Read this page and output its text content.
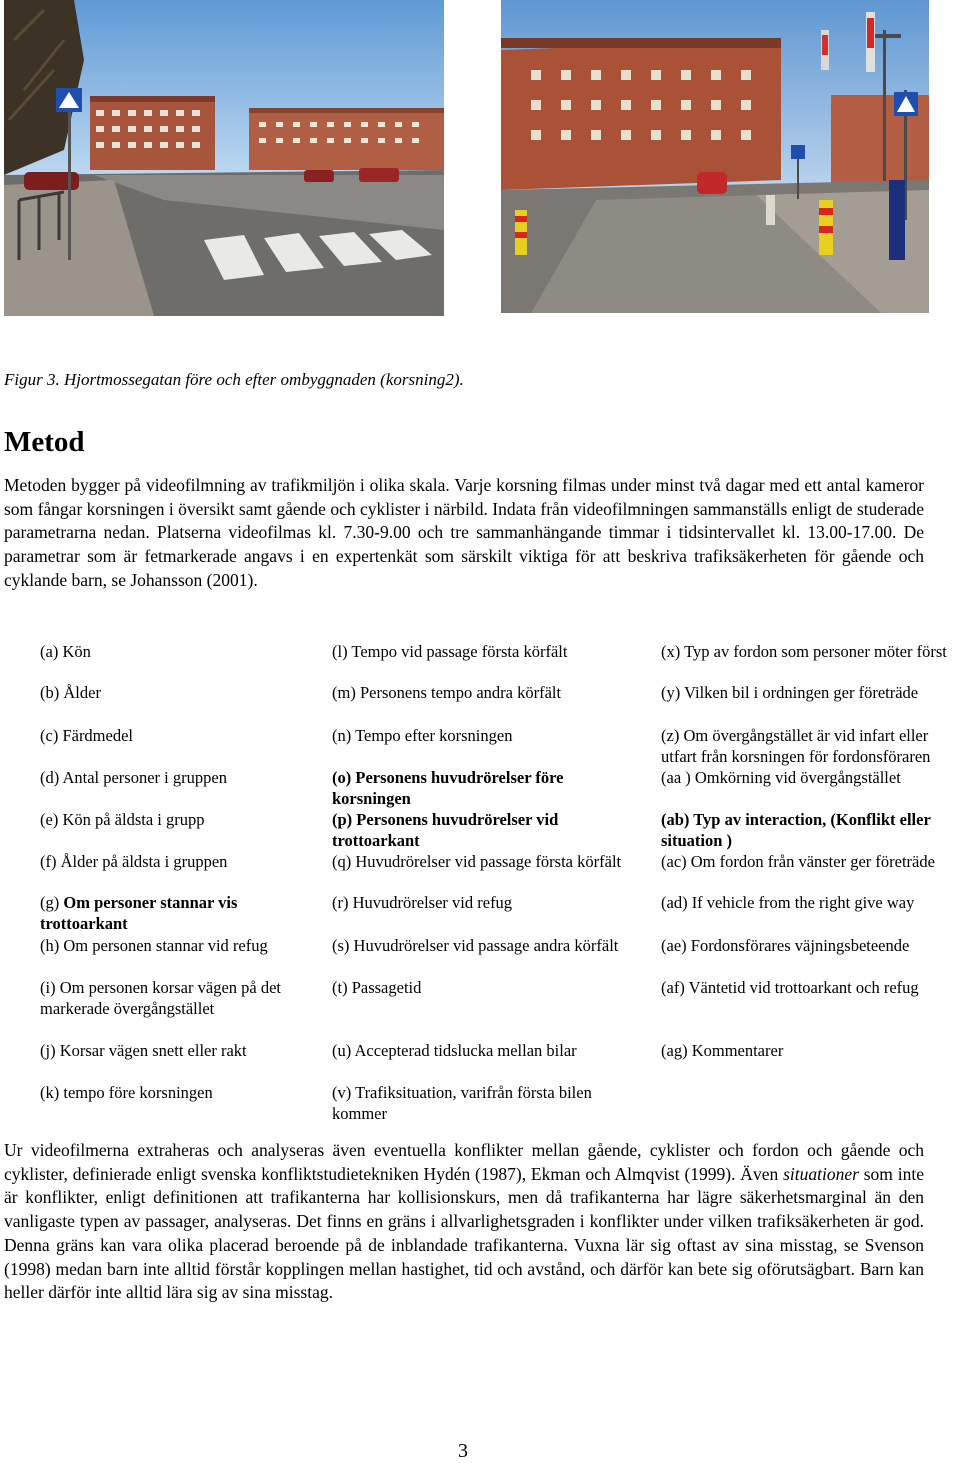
Figur 3. Hjortmossegatan före och efter ombyggnaden (korsning2).
Metod

Metoden bygger på videofilmning av trafikmiljön i olika skala. Varje korsning filmas under minst två dagar med ett antal kameror som fångar korsningen i översikt samt gående och cyklister i närbild. Indata från videofilmningen sammanställs enligt de studerade parametrarna nedan. Platserna videofilmas kl. 7.30-9.00 och tre sammanhängande timmar i tidsintervallet kl. 13.00-17.00. De parametrar som är fetmarkerade angavs i en expertenkät som särskilt viktiga för att beskriva trafiksäkerheten för gående och cyklande barn, se Johansson (2001).

(a) Kön
(b) Ålder
(c) Färdmedel
(d) Antal personer i gruppen
(e) Kön på äldsta i grupp
(f) Ålder på äldsta i gruppen
(g) Om personer stannar vis trottoarkant
(h) Om personen stannar vid refug
(i) Om personen korsar vägen på det markerade övergångstället
(j) Korsar vägen snett eller rakt
(k) tempo före korsningen
(l) Tempo vid passage första körfält
(m) Personens tempo andra körfält
(n) Tempo efter korsningen
(o) Personens huvudrörelser före korsningen
(p) Personens huvudrörelser vid trottoarkant
(q) Huvudrörelser vid passage första körfält
(r) Huvudrörelser vid refug
(s) Huvudrörelser vid passage andra körfält
(t) Passagetid
(u) Accepterad tidslucka mellan bilar
(v) Trafiksituation, varifrån första bilen kommer
(x) Typ av fordon som personer möter först
(y) Vilken bil i ordningen ger företräde
(z) Om övergångstället är vid infart eller utfart från korsningen för fordonsföraren
(aa ) Omkörning vid övergångstället
(ab) Typ av interaction, (Konflikt eller situation )
(ac) Om fordon från vänster ger företräde
(ad) If vehicle from the right give way
(ae) Fordonsförares väjningsbeteende
(af) Väntetid vid trottoarkant och refug
(ag) Kommentarer

Ur videofilmerna extraheras och analyseras även eventuella konflikter mellan gående, cyklister och fordon och gående och cyklister, definierade enligt svenska konfliktstudietekniken Hydén (1987), Ekman och Almqvist (1999). Även situationer som inte är konflikter, enligt definitionen att trafikanterna har kollisionskurs, men då trafikanterna har lägre säkerhetsmarginal än den vanligaste typen av passager, analyseras. Det finns en gräns i allvarlighetsgraden i konflikter under vilken trafiksäkerheten är god. Denna gräns kan vara olika placerad beroende på de inblandade trafikanterna. Vuxna lär sig oftast av sina misstag, se Svenson (1998) medan barn inte alltid förstår kopplingen mellan hastighet, tid och avstånd, och därför kan bete sig oförutsägbart. Barn kan heller därför inte alltid lära sig av sina misstag.

3
